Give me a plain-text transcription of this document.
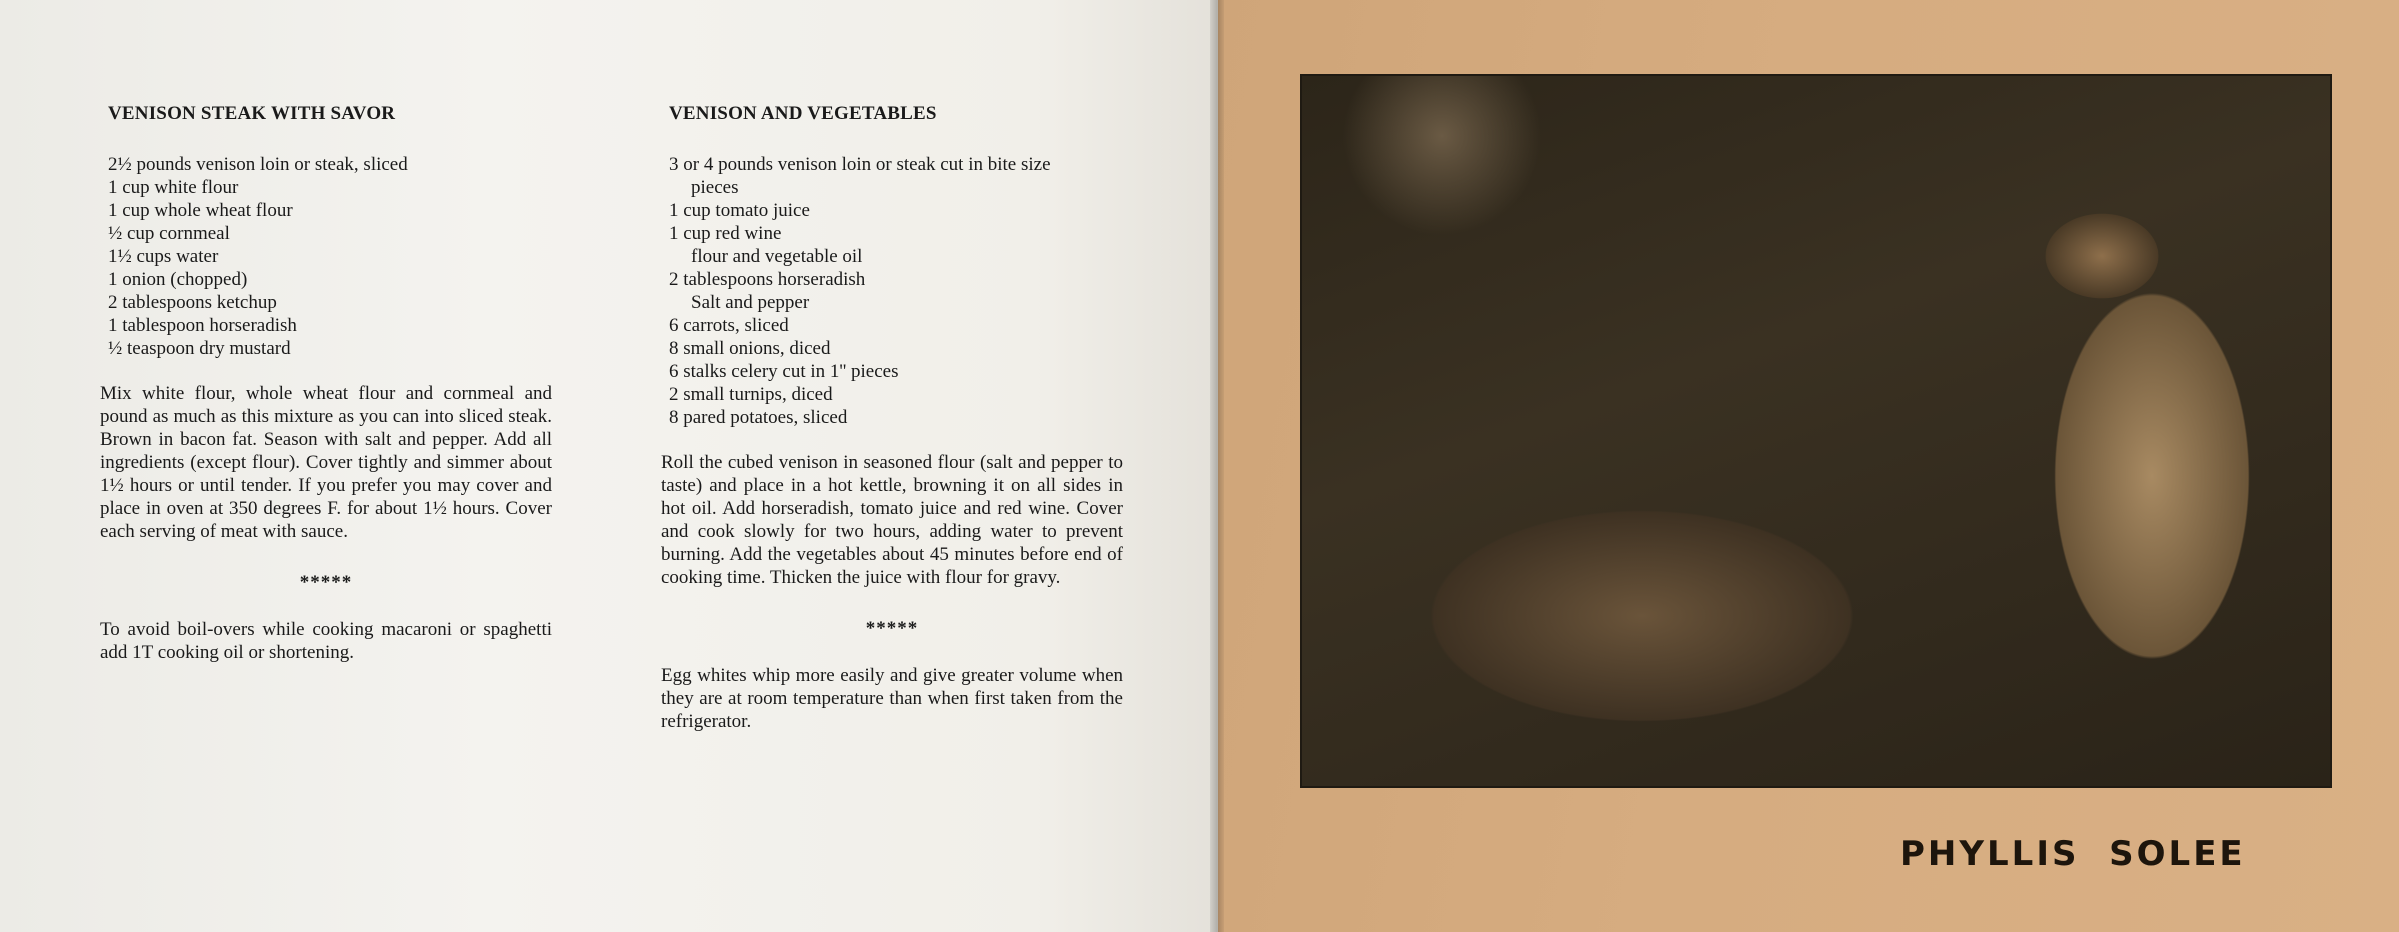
VENISON STEAK WITH SAVOR
2½ pounds venison loin or steak, sliced
1 cup white flour
1 cup whole wheat flour
½ cup cornmeal
1½ cups water
1 onion (chopped)
2 tablespoons ketchup
1 tablespoon horseradish
½ teaspoon dry mustard

Mix white flour, whole wheat flour and cornmeal and pound as much as this mixture as you can into sliced steak. Brown in bacon fat. Season with salt and pepper. Add all ingredients (except flour). Cover tightly and simmer about 1½ hours or until tender. If you prefer you may cover and place in oven at 350 degrees F. for about 1½ hours. Cover each serving of meat with sauce.

*****

To avoid boil-overs while cooking macaroni or spaghetti add 1T cooking oil or shortening.

VENISON AND VEGETABLES
3 or 4 pounds venison loin or steak cut in bite size
pieces
1 cup tomato juice
1 cup red wine
flour and vegetable oil
2 tablespoons horseradish
Salt and pepper
6 carrots, sliced
8 small onions, diced
6 stalks celery cut in 1'' pieces
2 small turnips, diced
8 pared potatoes, sliced

Roll the cubed venison in seasoned flour (salt and pepper to taste) and place in a hot kettle, browning it on all sides in hot oil. Add horseradish, tomato juice and red wine. Cover and cook slowly for two hours, adding water to prevent burning. Add the vegetables about 45 minutes before end of cooking time. Thicken the juice with flour for gravy.

*****

Egg whites whip more easily and give greater volume when they are at room temperature than when first taken from the refrigerator.

PHYLLIS  SOLEE
